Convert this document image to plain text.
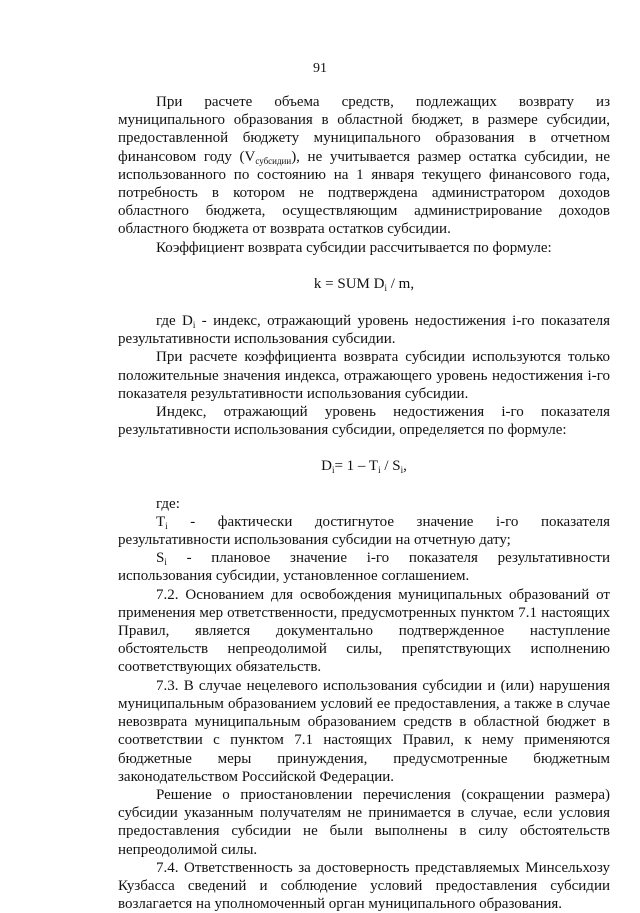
91

При расчете объема средств, подлежащих возврату из муниципального образования в областной бюджет, в размере субсидии, предоставленной бюджету муниципального образования в отчетном финансовом году $(V_{субсидии})$, не учитывается размер остатка субсидии, не использованного по состоянию на 1 января текущего финансового года, потребность в котором не подтверждена администратором доходов областного бюджета, осуществляющим администрирование доходов областного бюджета от возврата остатков субсидии.

Коэффициент возврата субсидии рассчитывается по формуле:

k = SUM $D_i$ / m,

где $D_i$ - индекс, отражающий уровень недостижения i-го показателя результативности использования субсидии.

При расчете коэффициента возврата субсидии используются только положительные значения индекса, отражающего уровень недостижения i-го показателя результативности использования субсидии.

Индекс, отражающий уровень недостижения i-го показателя результативности использования субсидии, определяется по формуле:

$D_i= 1 - T_i / S_i$,

где:

$T_i$ - фактически достигнутое значение i-го показателя результативности использования субсидии на отчетную дату;

$S_i$ - плановое значение i-го показателя результативности использования субсидии, установленное соглашением.

7.2. Основанием для освобождения муниципальных образований от применения мер ответственности, предусмотренных пунктом 7.1 настоящих Правил, является документально подтвержденное наступление обстоятельств непреодолимой силы, препятствующих исполнению соответствующих обязательств.

7.3. В случае нецелевого использования субсидии и (или) нарушения муниципальным образованием условий ее предоставления, а также в случае невозврата муниципальным образованием средств в областной бюджет в соответствии с пунктом 7.1 настоящих Правил, к нему применяются бюджетные меры принуждения, предусмотренные бюджетным законодательством Российской Федерации.

Решение о приостановлении перечисления (сокращении размера) субсидии указанным получателям не принимается в случае, если условия предоставления субсидии не были выполнены в силу обстоятельств непреодолимой силы.

7.4. Ответственность за достоверность представляемых Минсельхозу Кузбасса сведений и соблюдение условий предоставления субсидии возлагается на уполномоченный орган муниципального образования.
